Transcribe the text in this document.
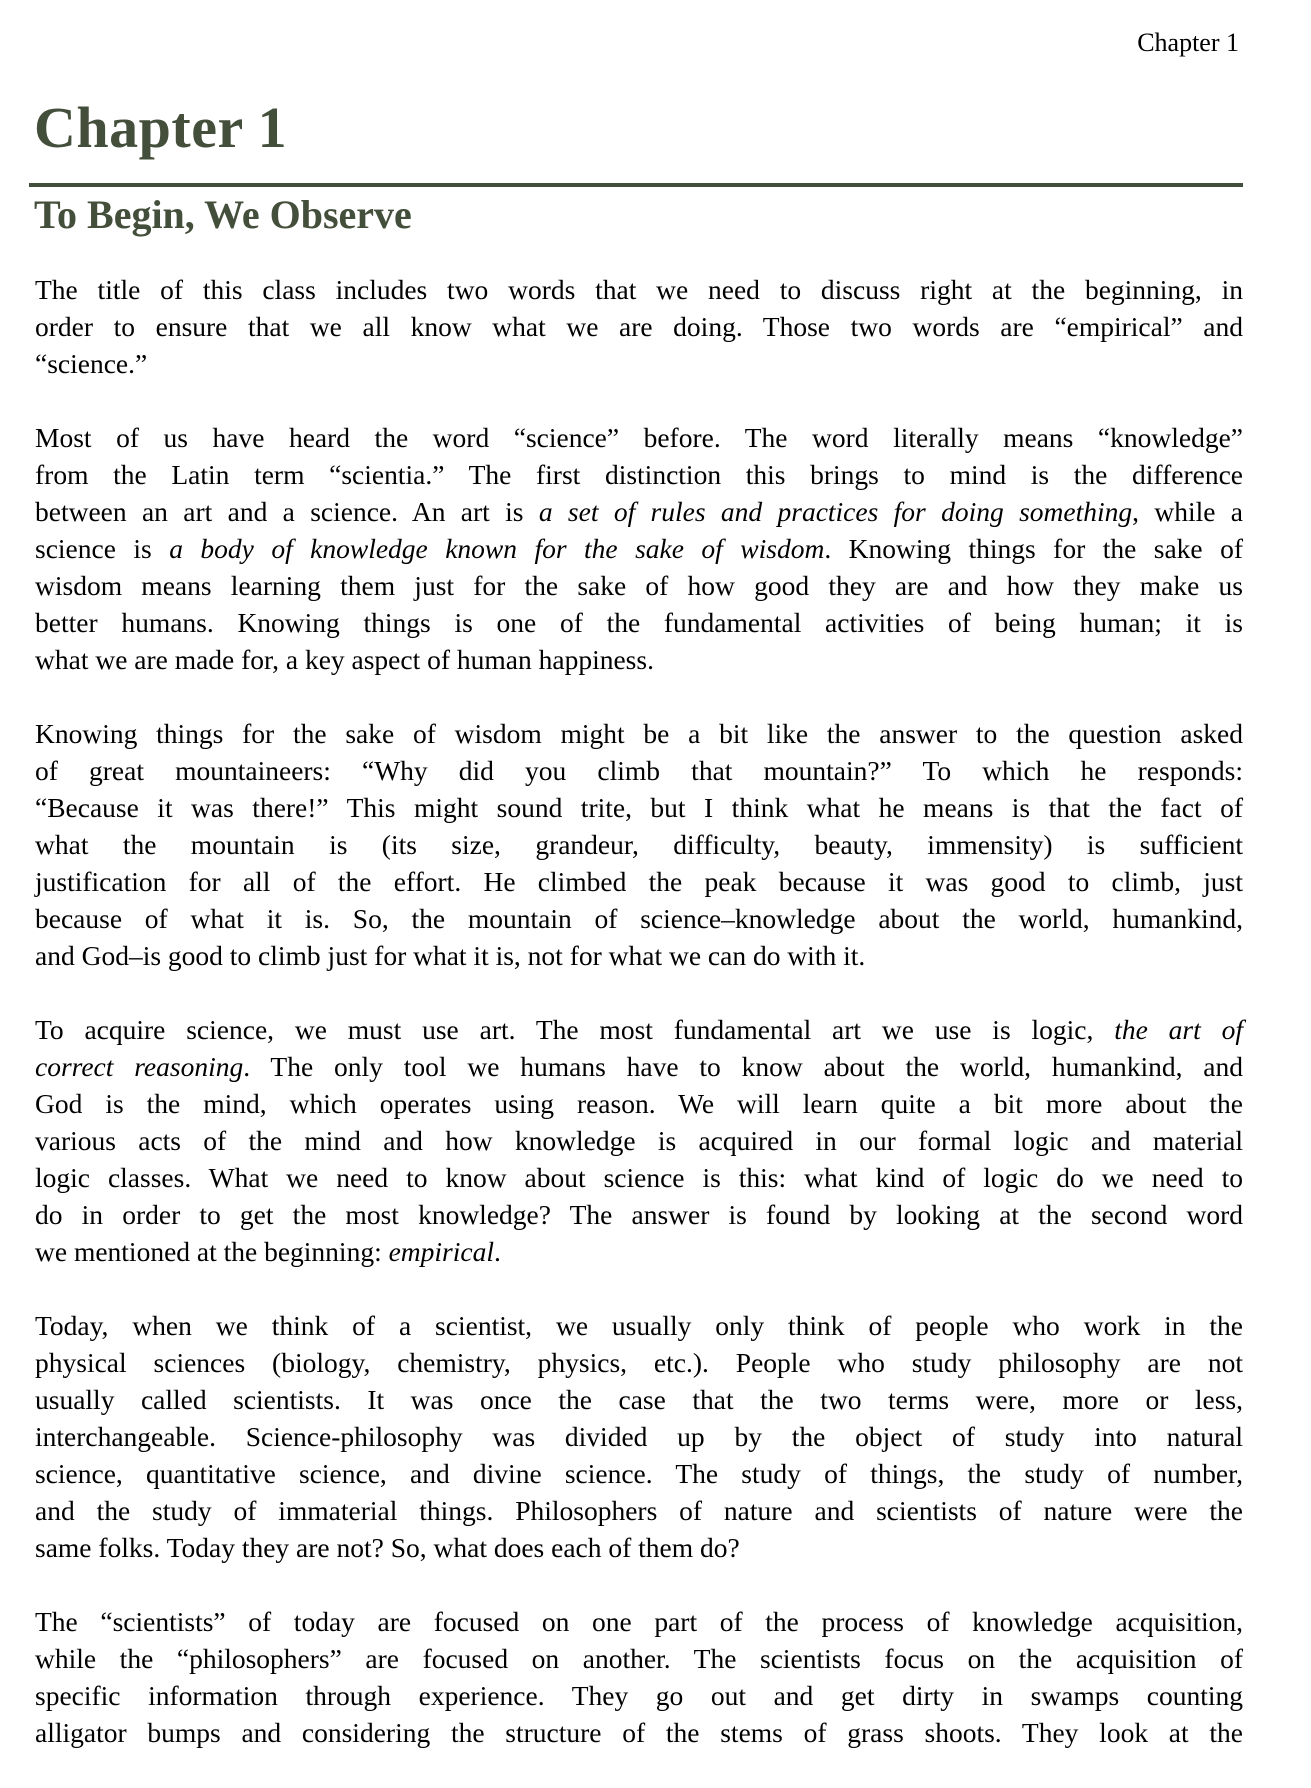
Chapter 1
Chapter 1
To Begin, We Observe

The title of this class includes two words that we need to discuss right at the beginning, in
order to ensure that we all know what we are doing. Those two words are “empirical” and
“science.”

Most of us have heard the word “science” before. The word literally means “knowledge”
from the Latin term “scientia.” The first distinction this brings to mind is the difference
between an art and a science. An art is a set of rules and practices for doing something, while a
science is a body of knowledge known for the sake of wisdom. Knowing things for the sake of
wisdom means learning them just for the sake of how good they are and how they make us
better humans. Knowing things is one of the fundamental activities of being human; it is
what we are made for, a key aspect of human happiness.

Knowing things for the sake of wisdom might be a bit like the answer to the question asked
of great mountaineers: “Why did you climb that mountain?” To which he responds:
“Because it was there!” This might sound trite, but I think what he means is that the fact of
what the mountain is (its size, grandeur, difficulty, beauty, immensity) is sufficient
justification for all of the effort. He climbed the peak because it was good to climb, just
because of what it is. So, the mountain of science–knowledge about the world, humankind,
and God–is good to climb just for what it is, not for what we can do with it.

To acquire science, we must use art. The most fundamental art we use is logic, the art of
correct reasoning. The only tool we humans have to know about the world, humankind, and
God is the mind, which operates using reason. We will learn quite a bit more about the
various acts of the mind and how knowledge is acquired in our formal logic and material
logic classes. What we need to know about science is this: what kind of logic do we need to
do in order to get the most knowledge? The answer is found by looking at the second word
we mentioned at the beginning: empirical.

Today, when we think of a scientist, we usually only think of people who work in the
physical sciences (biology, chemistry, physics, etc.). People who study philosophy are not
usually called scientists. It was once the case that the two terms were, more or less,
interchangeable. Science-philosophy was divided up by the object of study into natural
science, quantitative science, and divine science. The study of things, the study of number,
and the study of immaterial things. Philosophers of nature and scientists of nature were the
same folks. Today they are not? So, what does each of them do?

The “scientists” of today are focused on one part of the process of knowledge acquisition,
while the “philosophers” are focused on another. The scientists focus on the acquisition of
specific information through experience. They go out and get dirty in swamps counting
alligator bumps and considering the structure of the stems of grass shoots. They look at the
